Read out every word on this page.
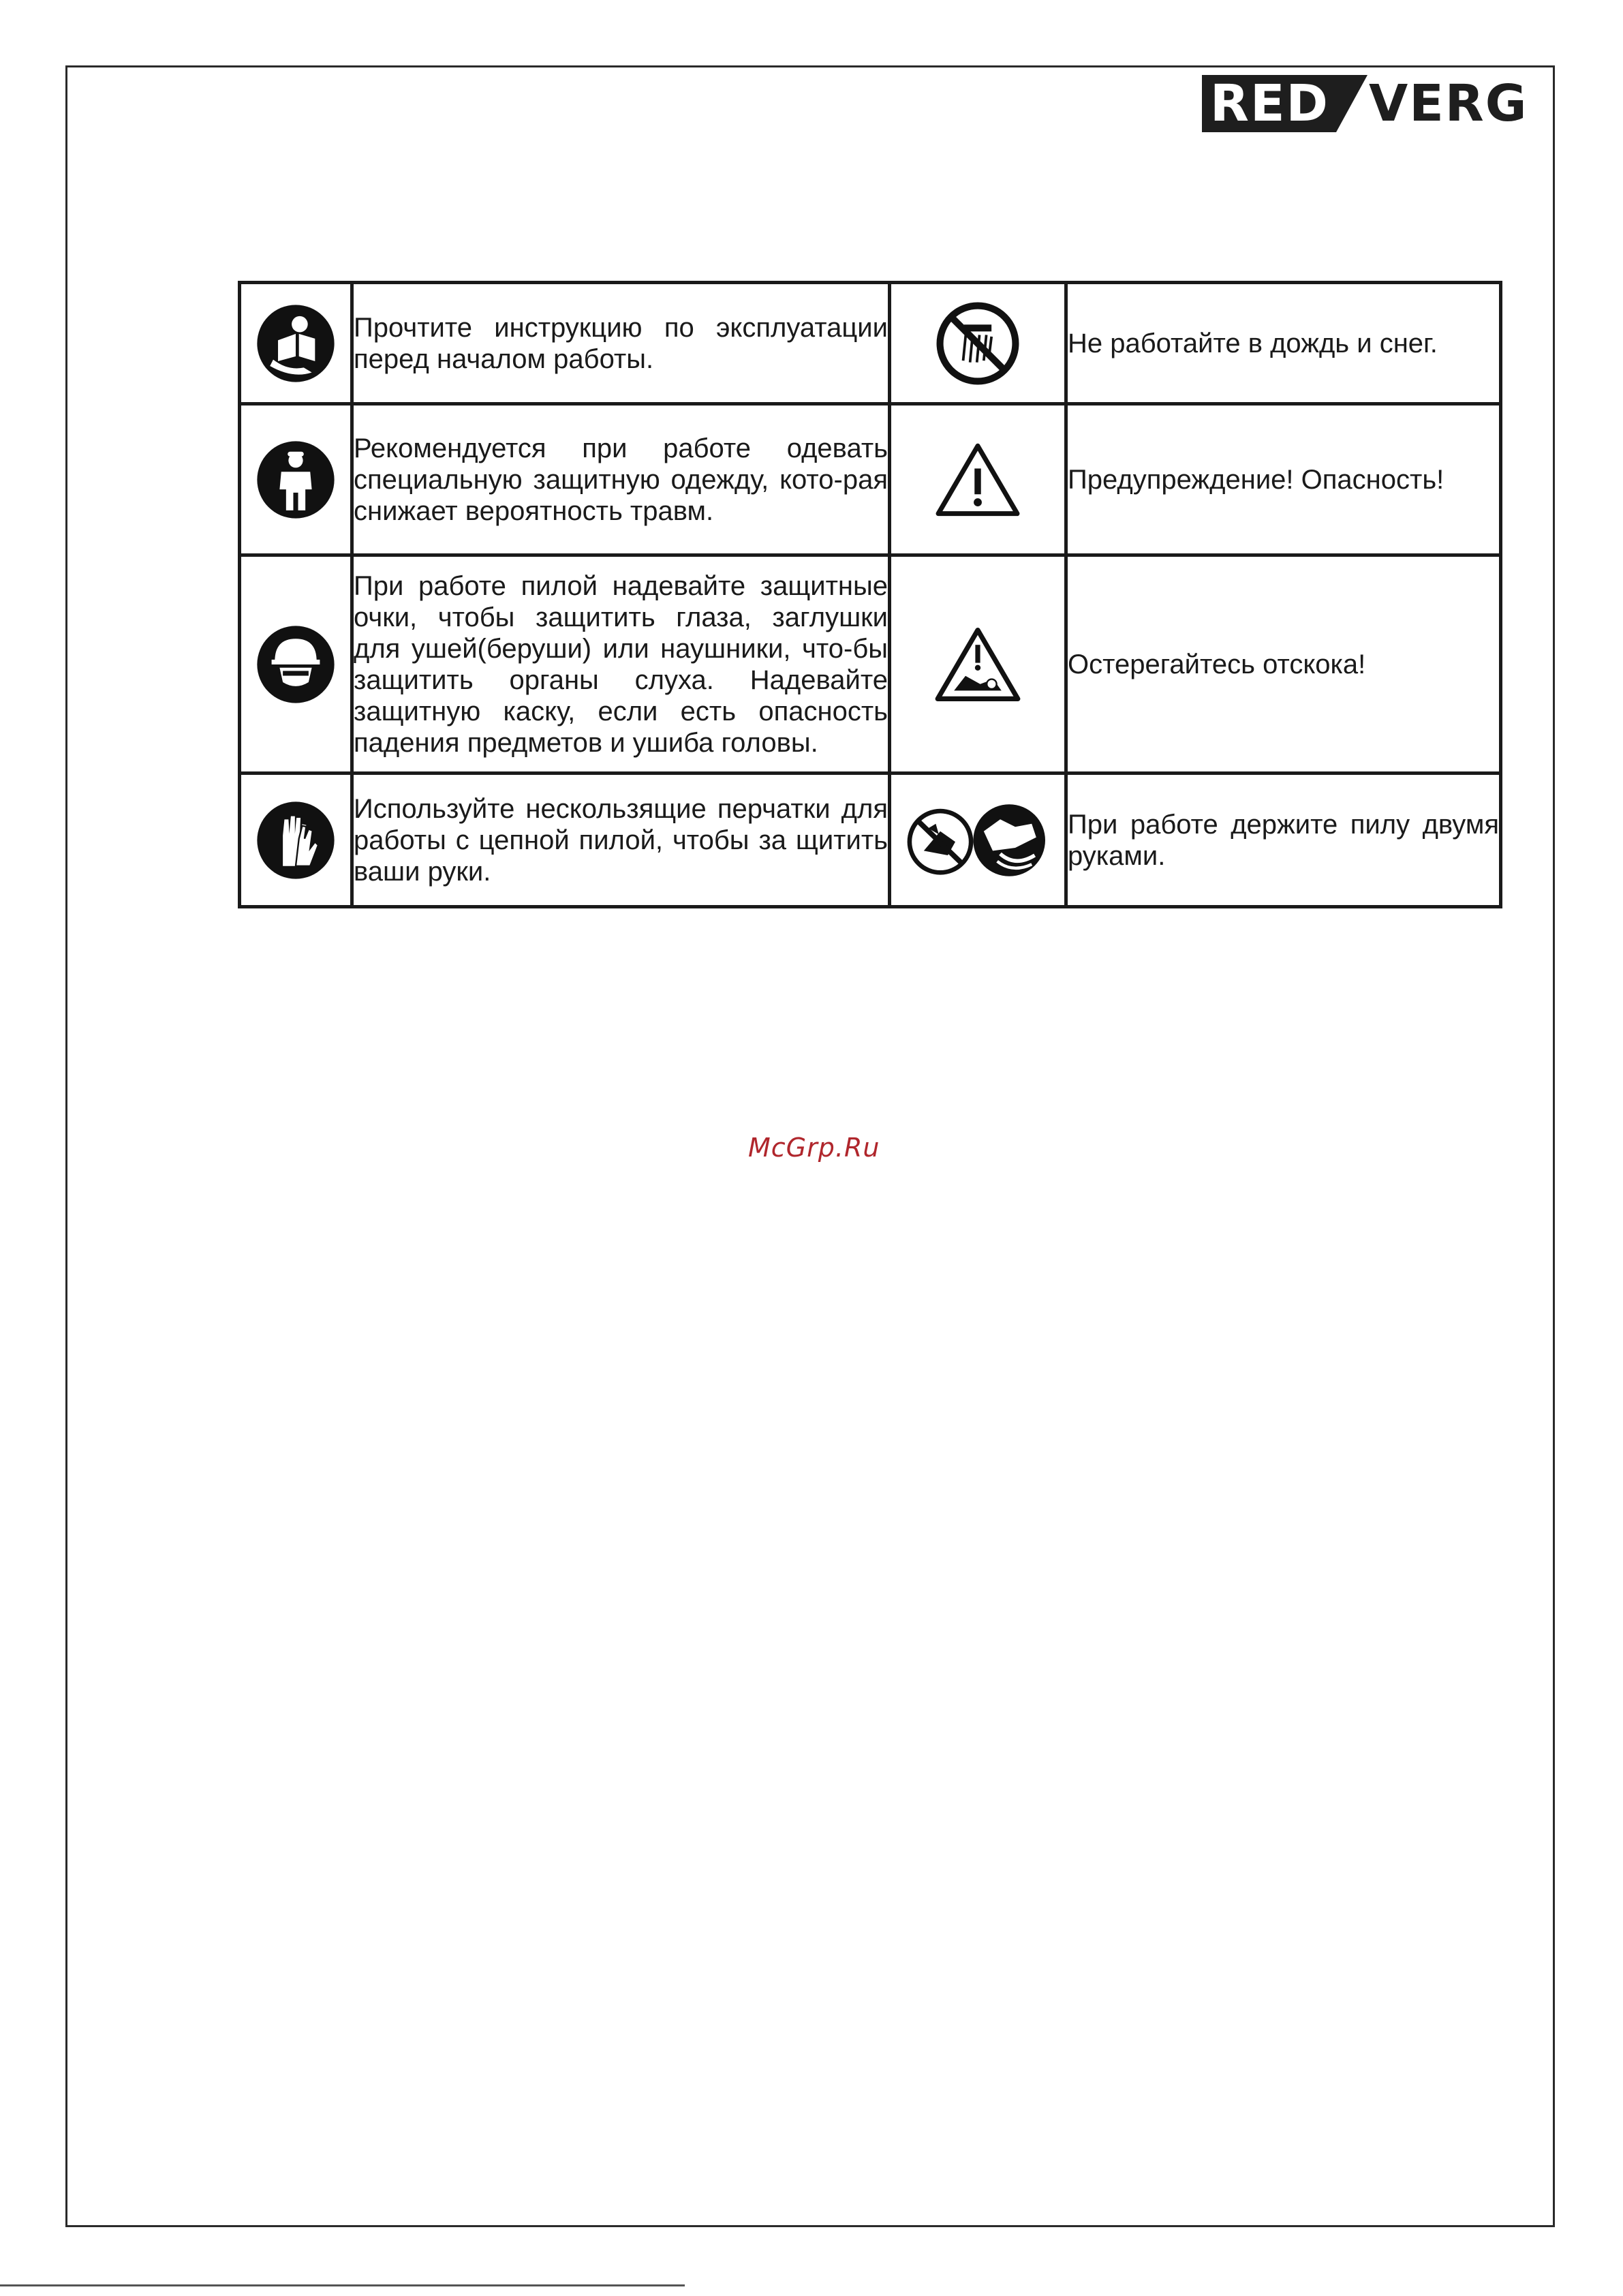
RED VERG
	Прочтите инструкцию по эксплуатации перед началом работы.		Не работайте в дождь и снег.

	Рекомендуется при работе одевать специальную защитную одежду, кото-рая снижает вероятность травм.		Предупреждение! Опасность!

	При работе пилой надевайте защитные очки, чтобы защитить глаза, заглушки для ушей(беруши) или наушники, что-бы защитить органы слуха. Надевайте защитную каску, если есть опасность падения предметов и ушиба головы.		Остерегайтесь отскока!

	Используйте нескользящие перчатки для работы с цепной пилой, чтобы за щитить ваши руки.		При работе держите пилу двумя руками.
McGrp.Ru
